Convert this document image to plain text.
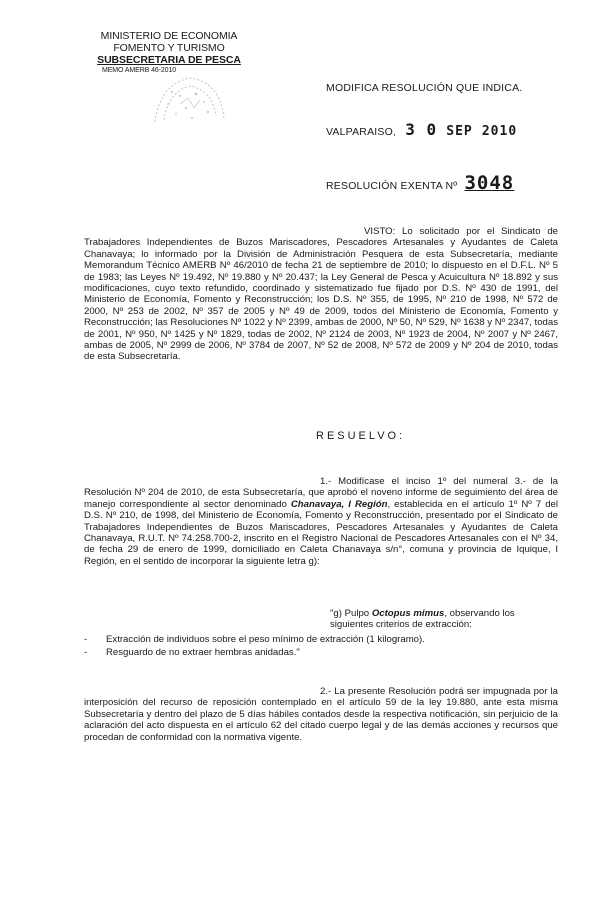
MINISTERIO DE ECONOMIA
FOMENTO Y TURISMO
SUBSECRETARIA DE PESCA
MEMO AMERB 46-2010
MODIFICA RESOLUCIÓN QUE INDICA.
VALPARAISO, 3 0 SEP 2010
RESOLUCIÓN EXENTA Nº 3048

VISTO: Lo solicitado por el Sindicato de Trabajadores Independientes de Buzos Mariscadores, Pescadores Artesanales y Ayudantes de Caleta Chanavaya; lo informado por la División de Administración Pesquera de esta Subsecretaría, mediante Memorandum Técnico AMERB Nº 46/2010 de fecha 21 de septiembre de 2010; lo dispuesto en el D.F.L. Nº 5 de 1983; las Leyes Nº 19.492, Nº 19.880 y Nº 20.437; la Ley General de Pesca y Acuicultura Nº 18.892 y sus modificaciones, cuyo texto refundido, coordinado y sistematizado fue fijado por D.S. Nº 430 de 1991, del Ministerio de Economía, Fomento y Reconstrucción; los D.S. Nº 355, de 1995, Nº 210 de 1998, Nº 572 de 2000, Nº 253 de 2002, Nº 357 de 2005 y Nº 49 de 2009, todos del Ministerio de Economía, Fomento y Reconstrucción; las Resoluciones Nº 1022 y Nº 2399, ambas de 2000, Nº 50, Nº 529, Nº 1638 y Nº 2347, todas de 2001, Nº 950, Nº 1425 y Nº 1829, todas de 2002, Nº 2124 de 2003, Nº 1923 de 2004, Nº 2007 y Nº 2467, ambas de 2005, Nº 2999 de 2006, Nº 3784 de 2007, Nº 52 de 2008, Nº 572 de 2009 y Nº 204 de 2010, todas de esta Subsecretaría.

RESUELVO:

1.- Modifícase el inciso 1º del numeral 3.- de la Resolución Nº 204 de 2010, de esta Subsecretaría, que aprobó el noveno informe de seguimiento del área de manejo correspondiente al sector denominado Chanavaya, I Región, establecida en el artículo 1º Nº 7 del D.S. Nº 210, de 1998, del Ministerio de Economía, Fomento y Reconstrucción, presentado por el Sindicato de Trabajadores Independientes de Buzos Mariscadores, Pescadores Artesanales y Ayudantes de Caleta Chanavaya, R.U.T. Nº 74.258.700-2, inscrito en el Registro Nacional de Pescadores Artesanales con el Nº 34, de fecha 29 de enero de 1999, domiciliado en Caleta Chanavaya s/n°, comuna y provincia de Iquique, I Región, en el sentido de incorporar la siguiente letra g):

"g) Pulpo Octopus mimus, observando los siguientes criterios de extracción:
-	Extracción de individuos sobre el peso mínimo de extracción (1 kilogramo).
-	Resguardo de no extraer hembras anidadas."

2.- La presente Resolución podrá ser impugnada por la interposición del recurso de reposición contemplado en el artículo 59 de la ley 19.880, ante esta misma Subsecretaría y dentro del plazo de 5 días hábiles contados desde la respectiva notificación, sin perjuicio de la aclaración del acto dispuesta en el artículo 62 del citado cuerpo legal y de las demás acciones y recursos que procedan de conformidad con la normativa vigente.
